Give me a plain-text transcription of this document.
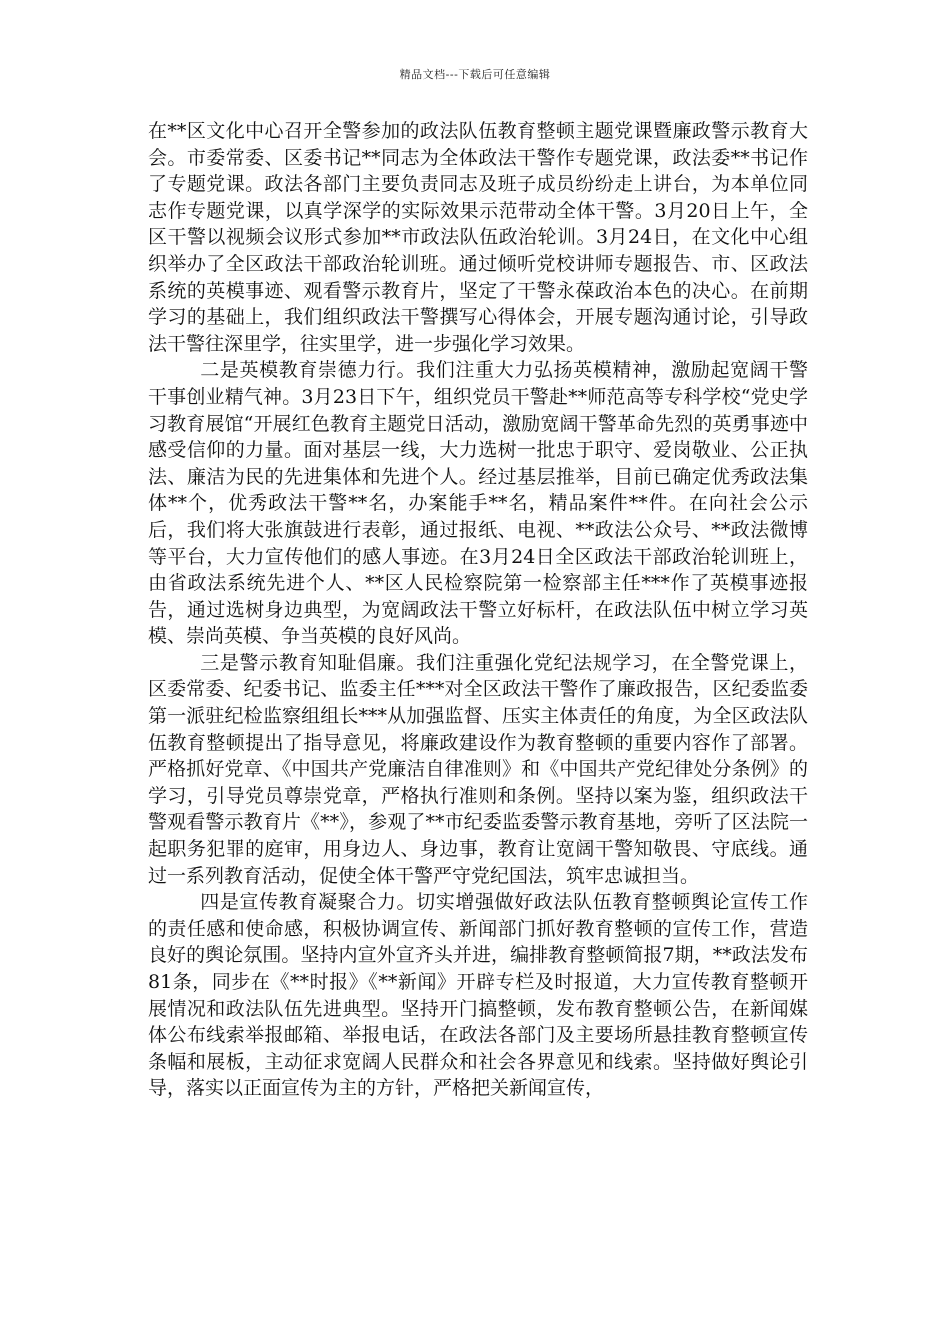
精品文档---下载后可任意编辑

在**区文化中心召开全警参加的政法队伍教育整顿主题党课暨廉政警示教育大会。市委常委、区委书记**同志为全体政法干警作专题党课，政法委**书记作了专题党课。政法各部门主要负责同志及班子成员纷纷走上讲台，为本单位同志作专题党课，以真学深学的实际效果示范带动全体干警。3月20日上午，全区干警以视频会议形式参加**市政法队伍政治轮训。3月24日，在文化中心组织举办了全区政法干部政治轮训班。通过倾听党校讲师专题报告、市、区政法系统的英模事迹、观看警示教育片，坚定了干警永葆政治本色的决心。在前期学习的基础上，我们组织政法干警撰写心得体会，开展专题沟通讨论，引导政法干警往深里学，往实里学，进一步强化学习效果。

二是英模教育崇德力行。我们注重大力弘扬英模精神，激励起宽阔干警干事创业精气神。3月23日下午，组织党员干警赴**师范高等专科学校“党史学习教育展馆“开展红色教育主题党日活动，激励宽阔干警革命先烈的英勇事迹中感受信仰的力量。面对基层一线，大力选树一批忠于职守、爱岗敬业、公正执法、廉洁为民的先进集体和先进个人。经过基层推举，目前已确定优秀政法集体**个，优秀政法干警**名，办案能手**名，精品案件**件。在向社会公示后，我们将大张旗鼓进行表彰，通过报纸、电视、**政法公众号、**政法微博等平台，大力宣传他们的感人事迹。在3月24日全区政法干部政治轮训班上，由省政法系统先进个人、**区人民检察院第一检察部主任***作了英模事迹报告，通过选树身边典型，为宽阔政法干警立好标杆，在政法队伍中树立学习英模、崇尚英模、争当英模的良好风尚。

三是警示教育知耻倡廉。我们注重强化党纪法规学习，在全警党课上，区委常委、纪委书记、监委主任***对全区政法干警作了廉政报告，区纪委监委第一派驻纪检监察组组长***从加强监督、压实主体责任的角度，为全区政法队伍教育整顿提出了指导意见，将廉政建设作为教育整顿的重要内容作了部署。严格抓好党章、《中国共产党廉洁自律准则》和《中国共产党纪律处分条例》的学习，引导党员尊崇党章，严格执行准则和条例。坚持以案为鉴，组织政法干警观看警示教育片《**》，参观了**市纪委监委警示教育基地，旁听了区法院一起职务犯罪的庭审，用身边人、身边事，教育让宽阔干警知敬畏、守底线。通过一系列教育活动，促使全体干警严守党纪国法，筑牢忠诚担当。

四是宣传教育凝聚合力。切实增强做好政法队伍教育整顿舆论宣传工作的责任感和使命感，积极协调宣传、新闻部门抓好教育整顿的宣传工作，营造良好的舆论氛围。坚持内宣外宣齐头并进，编排教育整顿简报7期，**政法发布81条，同步在《**时报》《**新闻》开辟专栏及时报道，大力宣传教育整顿开展情况和政法队伍先进典型。坚持开门搞整顿，发布教育整顿公告，在新闻媒体公布线索举报邮箱、举报电话，在政法各部门及主要场所悬挂教育整顿宣传条幅和展板，主动征求宽阔人民群众和社会各界意见和线索。坚持做好舆论引导，落实以正面宣传为主的方针，严格把关新闻宣传，
